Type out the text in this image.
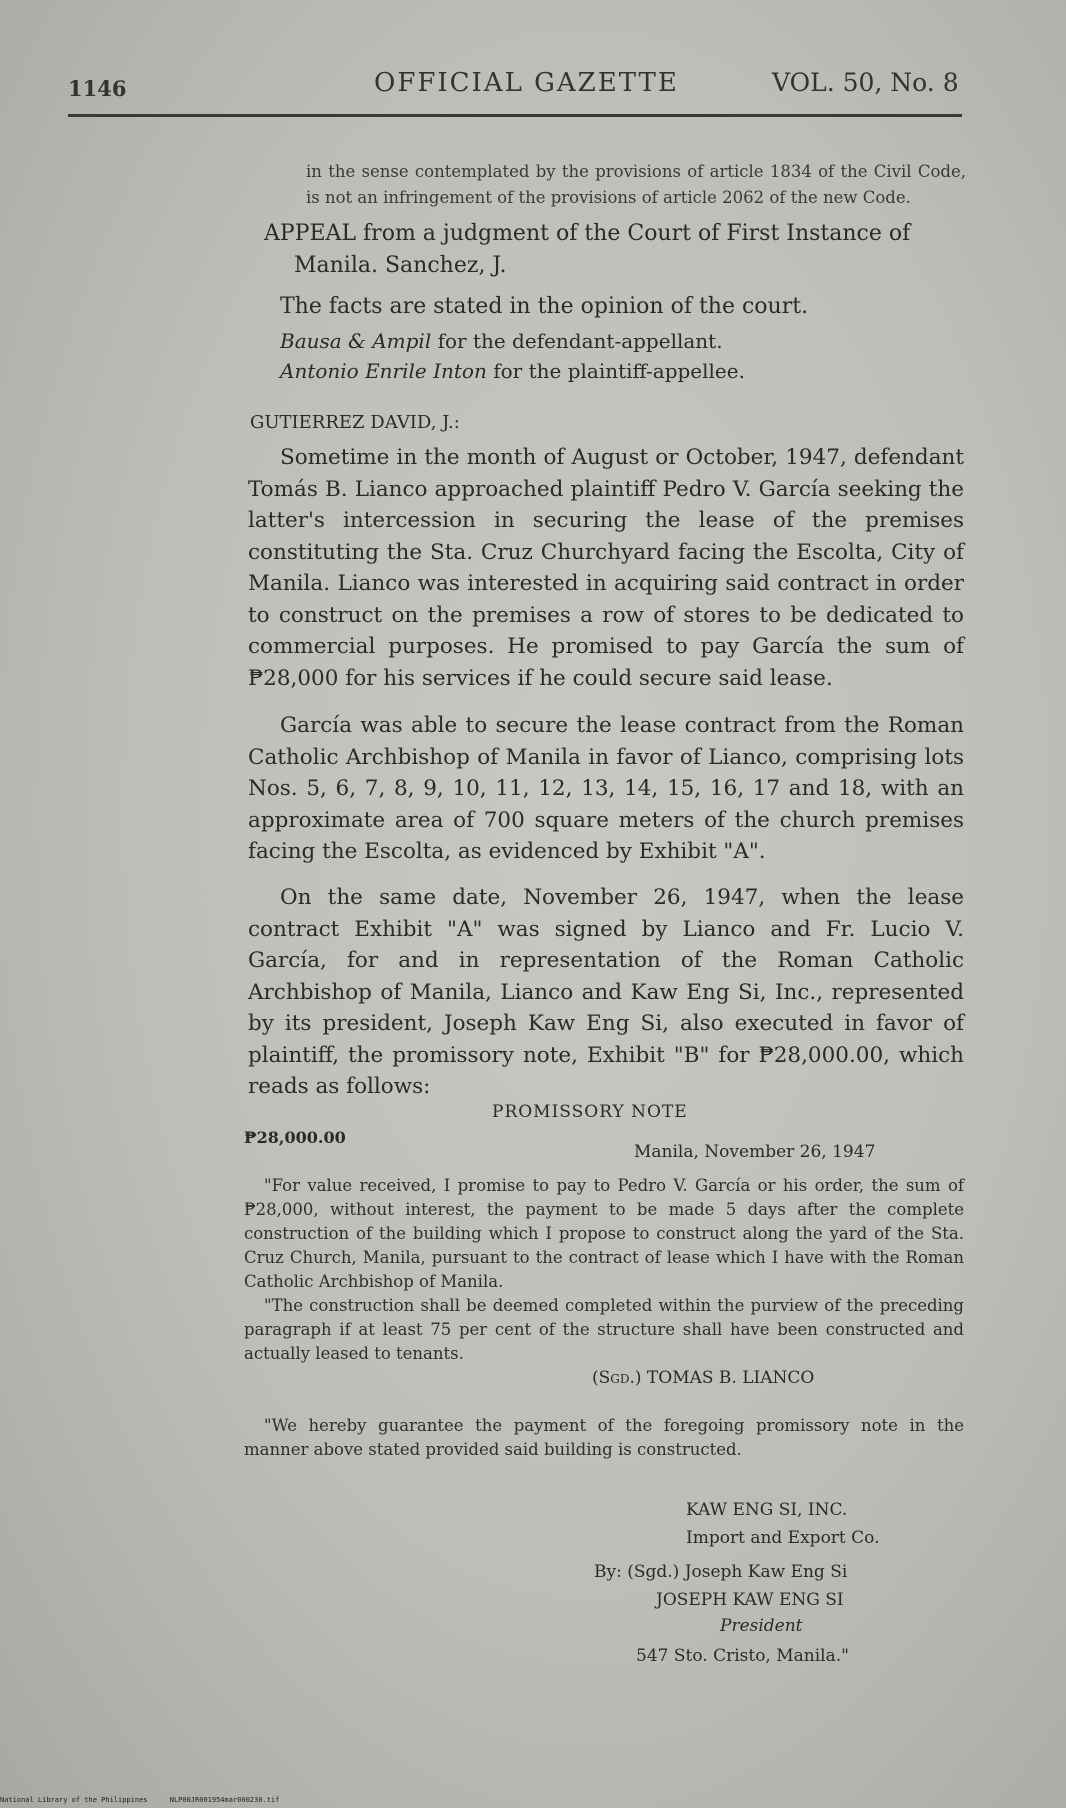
1146	OFFICIAL GAZETTE	VOL. 50, No. 8

in the sense contemplated by the provisions of article 1834 of the Civil Code, is not an infringement of the provisions of article 2062 of the new Code.

APPEAL from a judgment of the Court of First Instance of Manila. Sanchez, J.

The facts are stated in the opinion of the court.

Bausa & Ampil for the defendant-appellant.

Antonio Enrile Inton for the plaintiff-appellee.

GUTIERREZ DAVID, J.:

Sometime in the month of August or October, 1947, defendant Tomás B. Lianco approached plaintiff Pedro V. García seeking the latter's intercession in securing the lease of the premises constituting the Sta. Cruz Churchyard facing the Escolta, City of Manila. Lianco was interested in acquiring said contract in order to construct on the premises a row of stores to be dedicated to commercial purposes. He promised to pay García the sum of ₱28,000 for his services if he could secure said lease.

García was able to secure the lease contract from the Roman Catholic Archbishop of Manila in favor of Lianco, comprising lots Nos. 5, 6, 7, 8, 9, 10, 11, 12, 13, 14, 15, 16, 17 and 18, with an approximate area of 700 square meters of the church premises facing the Escolta, as evidenced by Exhibit "A".

On the same date, November 26, 1947, when the lease contract Exhibit "A" was signed by Lianco and Fr. Lucio V. García, for and in representation of the Roman Catholic Archbishop of Manila, Lianco and Kaw Eng Si, Inc., represented by its president, Joseph Kaw Eng Si, also executed in favor of plaintiff, the promissory note, Exhibit "B" for ₱28,000.00, which reads as follows:

PROMISSORY NOTE
₱28,000.00
Manila, November 26, 1947

"For value received, I promise to pay to Pedro V. García or his order, the sum of ₱28,000, without interest, the payment to be made 5 days after the complete construction of the building which I propose to construct along the yard of the Sta. Cruz Church, Manila, pursuant to the contract of lease which I have with the Roman Catholic Archbishop of Manila.

"The construction shall be deemed completed within the purview of the preceding paragraph if at least 75 per cent of the structure shall have been constructed and actually leased to tenants.

(Sgd.) TOMAS B. LIANCO

"We hereby guarantee the payment of the foregoing promissory note in the manner above stated provided said building is constructed.

KAW ENG SI, INC.
Import and Export Co.
By: (Sgd.) Joseph Kaw Eng Si
JOSEPH KAW ENG SI
President
547 Sto. Cristo, Manila."
National Library of the Philippines	NLP00JR001954mar000230.tif
